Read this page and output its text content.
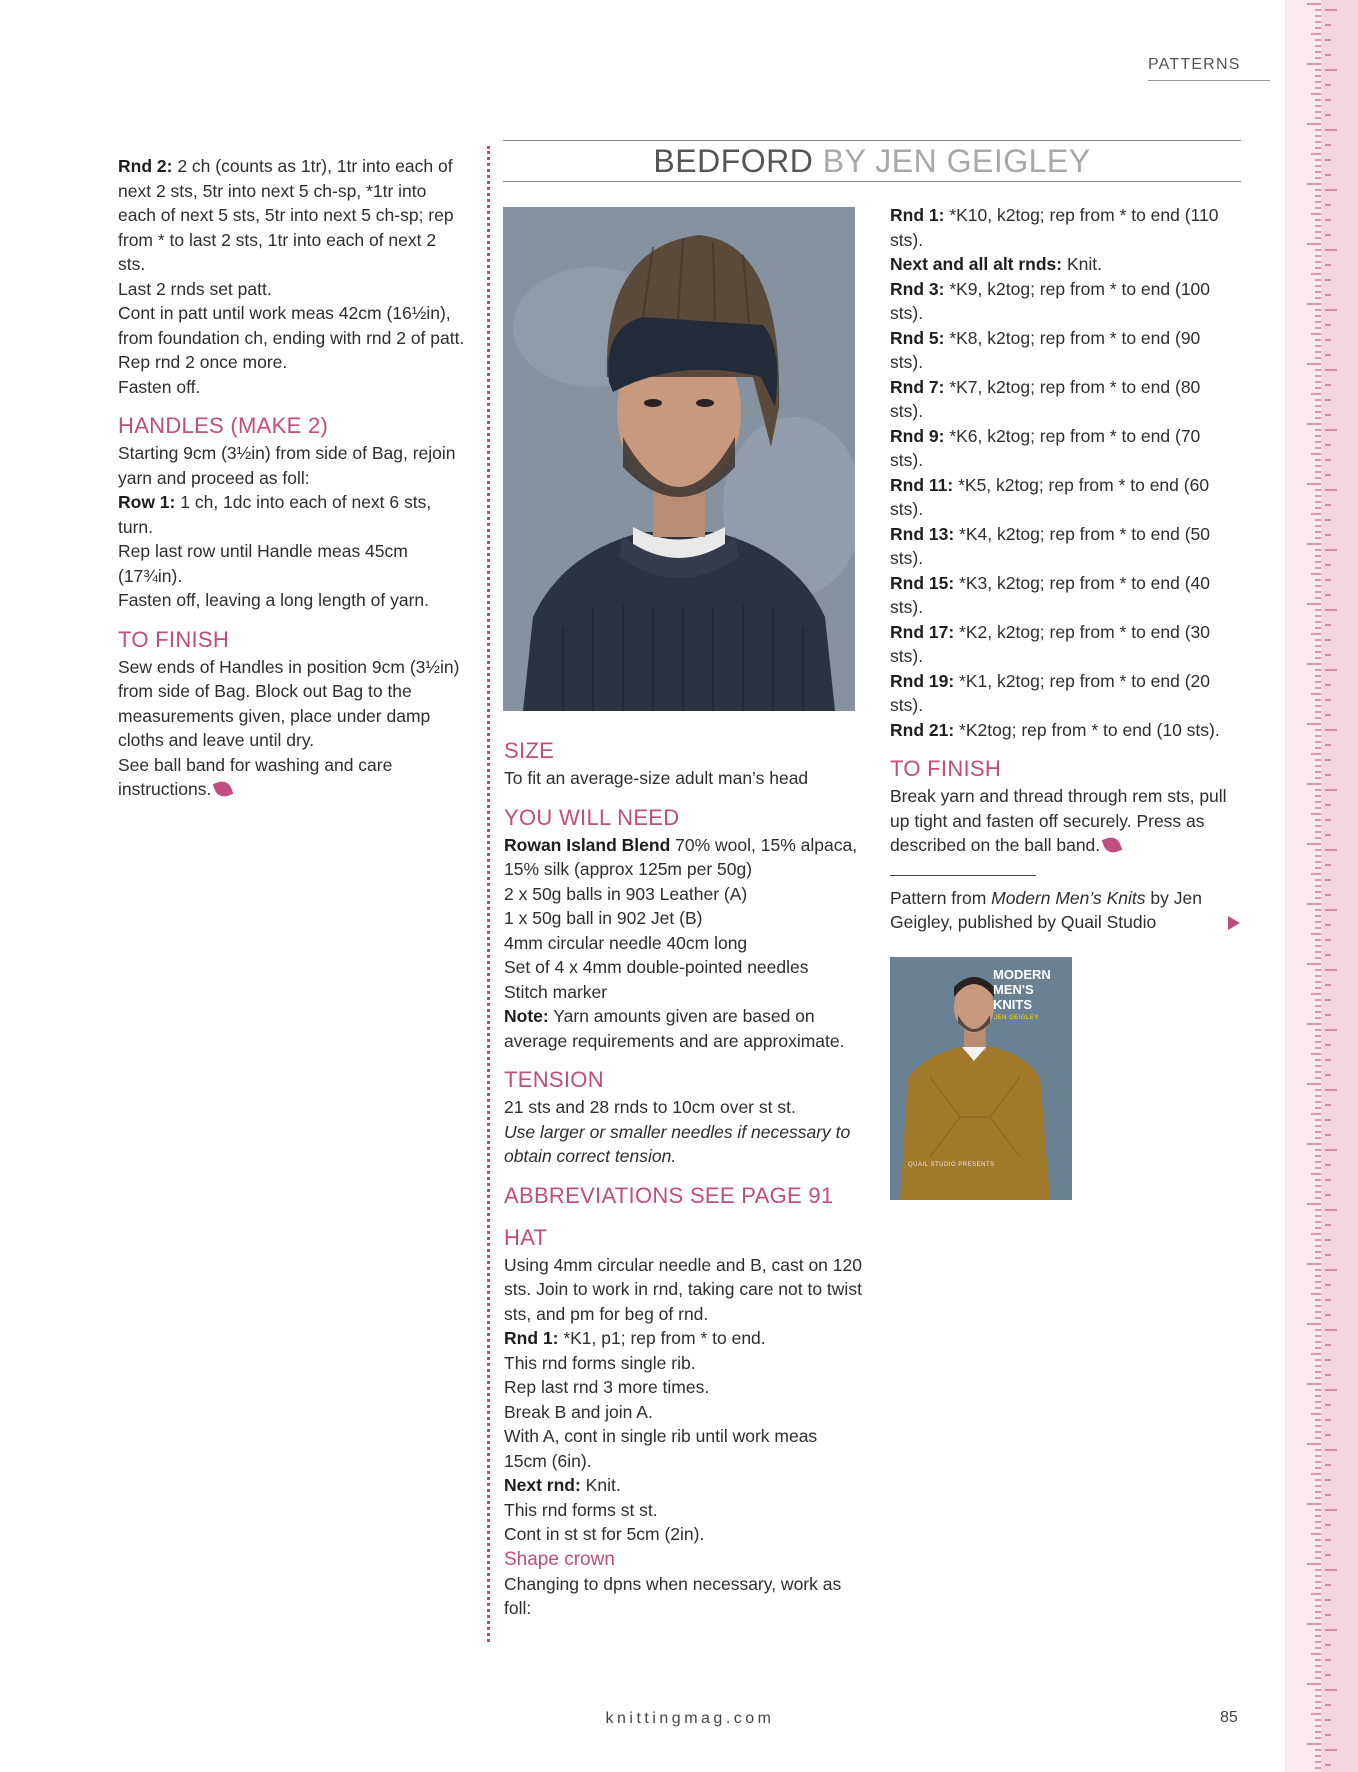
PATTERNS

Rnd 2: 2 ch (counts as 1tr), 1tr into each of next 2 sts, 5tr into next 5 ch-sp, *1tr into each of next 5 sts, 5tr into next 5 ch-sp; rep from * to last 2 sts, 1tr into each of next 2 sts.

Last 2 rnds set patt.

Cont in patt until work meas 42cm (16½in), from foundation ch, ending with rnd 2 of patt.

Rep rnd 2 once more.

Fasten off.

HANDLES (MAKE 2)

Starting 9cm (3½in) from side of Bag, rejoin yarn and proceed as foll:

Row 1: 1 ch, 1dc into each of next 6 sts, turn.

Rep last row until Handle meas 45cm (17¾in).

Fasten off, leaving a long length of yarn.

TO FINISH

Sew ends of Handles in position 9cm (3½in) from side of Bag. Block out Bag to the measurements given, place under damp cloths and leave until dry.

See ball band for washing and care instructions.

BEDFORD BY JEN GEIGLEY
SIZE

To fit an average-size adult man’s head

YOU WILL NEED

Rowan Island Blend 70% wool, 15% alpaca, 15% silk (approx 125m per 50g)

2 x 50g balls in 903 Leather (A)

1 x 50g ball in 902 Jet (B)

4mm circular needle 40cm long

Set of 4 x 4mm double-pointed needles

Stitch marker

Note: Yarn amounts given are based on average requirements and are approximate.

TENSION

21 sts and 28 rnds to 10cm over st st.

Use larger or smaller needles if necessary to obtain correct tension.

ABBREVIATIONS SEE PAGE 91
HAT

Using 4mm circular needle and B, cast on 120 sts. Join to work in rnd, taking care not to twist sts, and pm for beg of rnd.

Rnd 1: *K1, p1; rep from * to end.

This rnd forms single rib.

Rep last rnd 3 more times.

Break B and join A.

With A, cont in single rib until work meas 15cm (6in).

Next rnd: Knit.

This rnd forms st st.

Cont in st st for 5cm (2in).

Shape crown

Changing to dpns when necessary, work as foll:

Rnd 1: *K10, k2tog; rep from * to end (110 sts).

Next and all alt rnds: Knit.

Rnd 3: *K9, k2tog; rep from * to end (100 sts).

Rnd 5: *K8, k2tog; rep from * to end (90 sts).

Rnd 7: *K7, k2tog; rep from * to end (80 sts).

Rnd 9: *K6, k2tog; rep from * to end (70 sts).

Rnd 11: *K5, k2tog; rep from * to end (60 sts).

Rnd 13: *K4, k2tog; rep from * to end (50 sts).

Rnd 15: *K3, k2tog; rep from * to end (40 sts).

Rnd 17: *K2, k2tog; rep from * to end (30 sts).

Rnd 19: *K1, k2tog; rep from * to end (20 sts).

Rnd 21: *K2tog; rep from * to end (10 sts).

TO FINISH

Break yarn and thread through rem sts, pull up tight and fasten off securely. Press as described on the ball band.

Pattern from Modern Men’s Knits by Jen Geigley, published by Quail Studio

MODERN MEN'S KNITS
JEN GEIGLEY
QUAIL STUDIO PRESENTS
knittingmag.com	85
